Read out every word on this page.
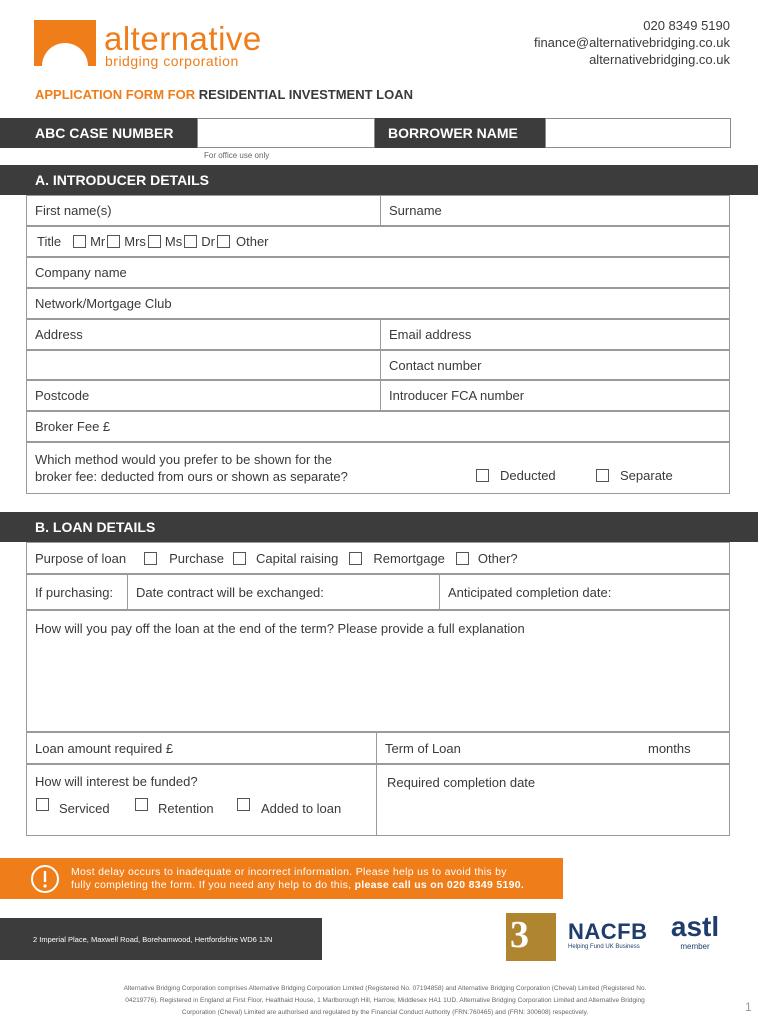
alternative
bridging corporation
020 8349 5190
finance@alternativebridging.co.uk
alternativebridging.co.uk
APPLICATION FORM FOR RESIDENTIAL INVESTMENT LOAN
ABC CASE NUMBER	BORROWER NAME
For office use only
A. INTRODUCER DETAILS
First name(s)	Surname
Title Mr Mrs Ms Dr Other
Company name
Network/Mortgage Club
Address	Email address
Contact number
Postcode	Introducer FCA number
Broker Fee £
Which method would you prefer to be shown for the
broker fee: deducted from ours or shown as separate?	Deducted	Separate
B. LOAN DETAILS
Purpose of loan	Purchase Capital raising	Remortgage	Other?
If purchasing: Date contract will be exchanged:	Anticipated completion date:
How will you pay off the loan at the end of the term? Please provide a full explanation
Loan amount required £	Term of Loan	months
How will interest be funded?
Serviced	Retention	Added to loan
Required completion date
Most delay occurs to inadequate or incorrect information. Please help us to avoid this by
fully completing the form. If you need any help to do this, please call us on 020 8349 5190.
2 Imperial Place, Maxwell Road, Borehamwood, Hertfordshire WD6 1JN	3 NACFB
Helping Fund UK Business
astl
member
Alternative Bridging Corporation comprises Alternative Bridging Corporation Limited (Registered No. 07194858) and Alternative Bridging Corporation (Cheval) Limited (Registered No.
04219776). Registered in England at First Floor, Healthaid House, 1 Marlborough Hill, Harrow, Middlesex HA1 1UD. Alternative Bridging Corporation Limited and Alternative Bridging
Corporation (Cheval) Limited are authorised and regulated by the Financial Conduct Authority (FRN:760465) and (FRN: 300608) respectively.	1
